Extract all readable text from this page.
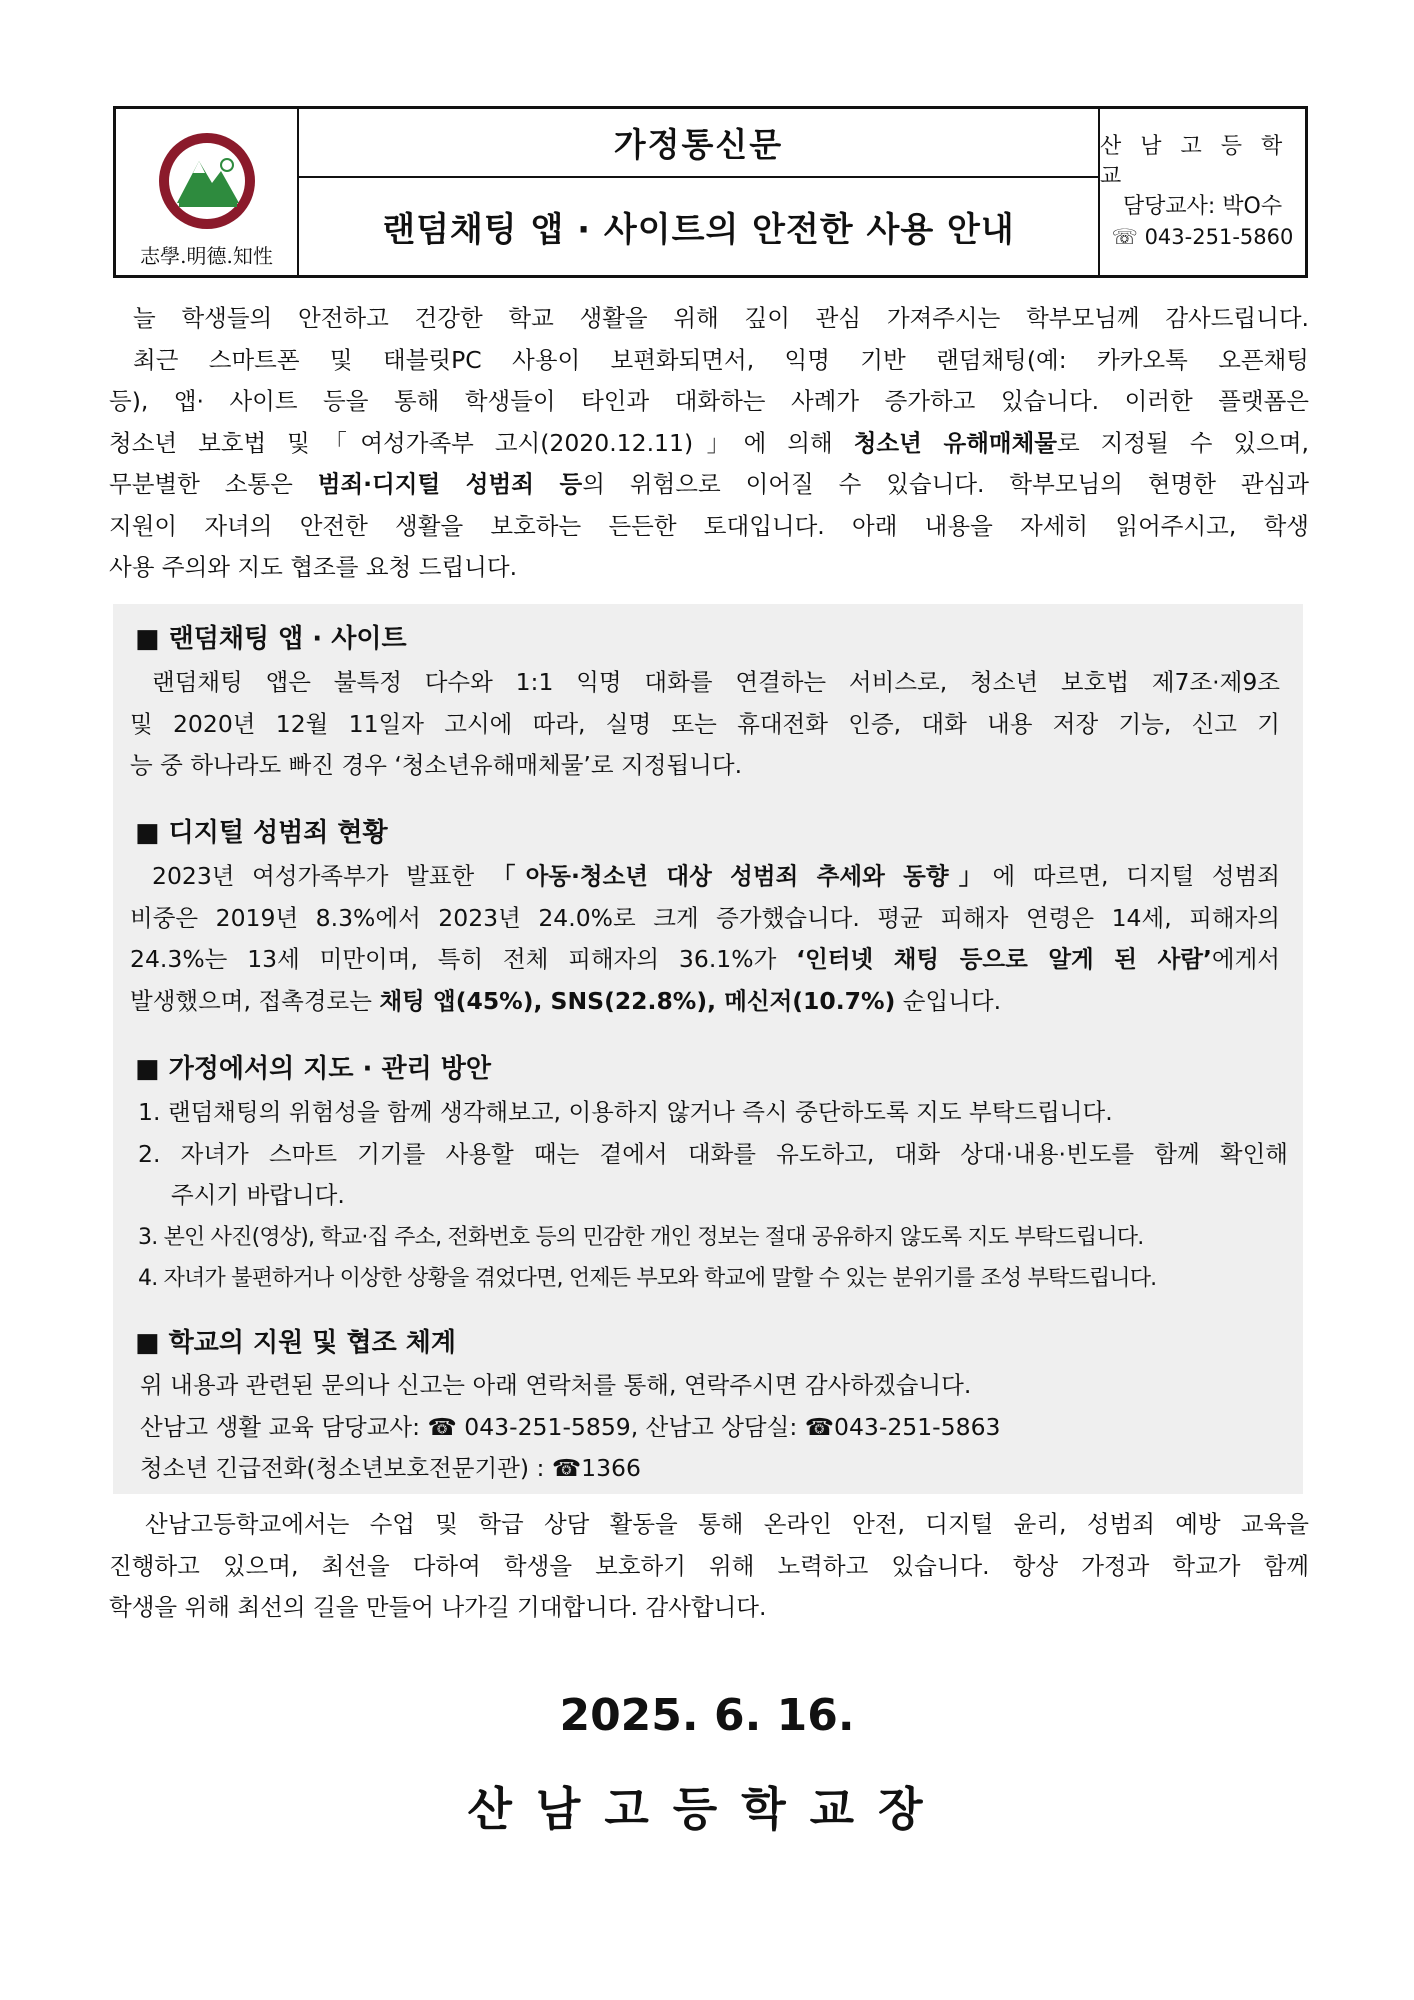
志學.明德.知性
가정통신문
랜덤채팅 앱 · 사이트의 안전한 사용 안내
산 남 고 등 학 교
담당교사: 박O수
☏ 043-251-5860
늘 학생들의 안전하고 건강한 학교 생활을 위해 깊이 관심 가져주시는 학부모님께 감사드립니다.
최근 스마트폰 및 태블릿PC 사용이 보편화되면서, 익명 기반 랜덤채팅(예: 카카오톡 오픈채팅
등), 앱· 사이트 등을 통해 학생들이 타인과 대화하는 사례가 증가하고 있습니다. 이러한 플랫폼은
청소년 보호법 및「여성가족부 고시(2020.12.11)」에 의해 청소년 유해매체물로 지정될 수 있으며,
무분별한 소통은 범죄·디지털 성범죄 등의 위험으로 이어질 수 있습니다. 학부모님의 현명한 관심과
지원이 자녀의 안전한 생활을 보호하는 든든한 토대입니다. 아래 내용을 자세히 읽어주시고, 학생
사용 주의와 지도 협조를 요청 드립니다.
■ 랜덤채팅 앱 · 사이트
랜덤채팅 앱은 불특정 다수와 1:1 익명 대화를 연결하는 서비스로, 청소년 보호법 제7조·제9조
및 2020년 12월 11일자 고시에 따라, 실명 또는 휴대전화 인증, 대화 내용 저장 기능, 신고 기
능 중 하나라도 빠진 경우 ‘청소년유해매체물’로 지정됩니다.
■ 디지털 성범죄 현황
2023년 여성가족부가 발표한 「아동·청소년 대상 성범죄 추세와 동향」에 따르면, 디지털 성범죄
비중은 2019년 8.3%에서 2023년 24.0%로 크게 증가했습니다. 평균 피해자 연령은 14세, 피해자의
24.3%는 13세 미만이며, 특히 전체 피해자의 36.1%가 ‘인터넷 채팅 등으로 알게 된 사람’에게서
발생했으며, 접촉경로는 채팅 앱(45%), SNS(22.8%), 메신저(10.7%) 순입니다.
■ 가정에서의 지도 · 관리 방안
1. 랜덤채팅의 위험성을 함께 생각해보고, 이용하지 않거나 즉시 중단하도록 지도 부탁드립니다.
2. 자녀가 스마트 기기를 사용할 때는 곁에서 대화를 유도하고, 대화 상대·내용·빈도를 함께 확인해
주시기 바랍니다.
3. 본인 사진(영상), 학교·집 주소, 전화번호 등의 민감한 개인 정보는 절대 공유하지 않도록 지도 부탁드립니다.
4. 자녀가 불편하거나 이상한 상황을 겪었다면, 언제든 부모와 학교에 말할 수 있는 분위기를 조성 부탁드립니다.
■ 학교의 지원 및 협조 체계
위 내용과 관련된 문의나 신고는 아래 연락처를 통해, 연락주시면 감사하겠습니다.
산남고 생활 교육 담당교사: ☎ 043-251-5859, 산남고 상담실: ☎043-251-5863
청소년 긴급전화(청소년보호전문기관) : ☎1366
산남고등학교에서는 수업 및 학급 상담 활동을 통해 온라인 안전, 디지털 윤리, 성범죄 예방 교육을
진행하고 있으며, 최선을 다하여 학생을 보호하기 위해 노력하고 있습니다. 항상 가정과 학교가 함께
학생을 위해 최선의 길을 만들어 나가길 기대합니다. 감사합니다.
2025. 6. 16.
산남고등학교장
